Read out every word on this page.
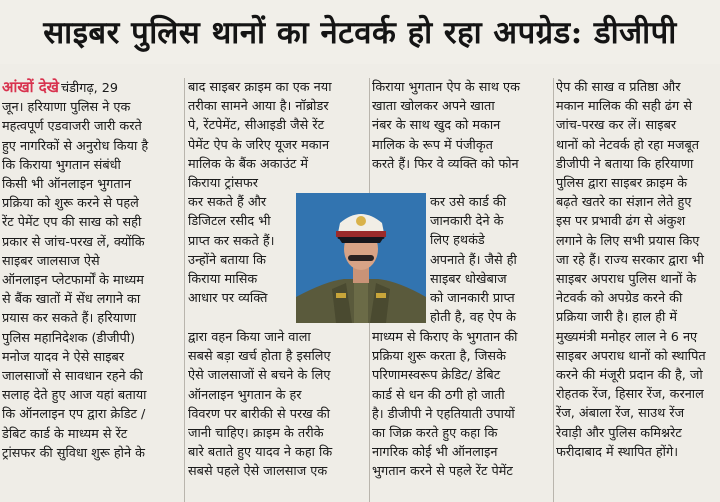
साइबर पुलिस थानों का नेटवर्क हो रहा अपग्रेड: डीजीपी

आंखों देखे चंडीगढ़, 29

जून। हरियाणा पुलिस ने एक

महत्वपूर्ण एडवाजरी जारी करते

हुए नागरिकों से अनुरोध किया है

कि किराया भुगतान संबंधी

किसी भी ऑनलाइन भुगतान

प्रक्रिया को शुरू करने से पहले

रेंट पेमेंट एप की साख को सही

प्रकार से जांच-परख लें, क्योंकि

साइबर जालसाज ऐसे

ऑनलाइन प्लेटफार्मों के माध्यम

से बैंक खातों में सेंध लगाने का

प्रयास कर सकते हैं। हरियाणा

पुलिस महानिदेशक (डीजीपी)

मनोज यादव ने ऐसे साइबर

जालसाजों से सावधान रहने की

सलाह देते हुए आज यहां बताया

कि ऑनलाइन एप द्वारा क्रेडिट /

डेबिट कार्ड के माध्यम से रेंट

ट्रांसफर की सुविधा शुरू होने के

बाद साइबर क्राइम का एक नया

तरीका सामने आया है। नॉब्रोडर

पे, रेंटपेमेंट, सीआइडी जैसे रेंट

पेमेंट ऐप के जरिए यूजर मकान

मालिक के बैंक अकाउंट में

किराया ट्रांसफर

कर सकते हैं और

डिजिटल रसीद भी

प्राप्त कर सकते हैं।

उन्होंने बताया कि

किराया मासिक

आधार पर व्यक्ति

द्वारा वहन किया जाने वाला

सबसे बड़ा खर्च होता है इसलिए

ऐसे जालसाजों से बचने के लिए

ऑनलाइन भुगतान के हर

विवरण पर बारीकी से परख की

जानी चाहिए। क्राइम के तरीके

बारे बताते हुए यादव ने कहा कि

सबसे पहले ऐसे जालसाज एक

किराया भुगतान ऐप के साथ एक

खाता खोलकर अपने खाता

नंबर के साथ खुद को मकान

मालिक के रूप में पंजीकृत

करते हैं। फिर वे व्यक्ति को फोन

कर उसे कार्ड की

जानकारी देने के

लिए हथकंडे

अपनाते हैं। जैसे ही

साइबर धोखेबाज

को जानकारी प्राप्त

होती है, वह ऐप के

माध्यम से किराए के भुगतान की

प्रक्रिया शुरू करता है, जिसके

परिणामस्वरूप क्रेडिट/ डेबिट

कार्ड से धन की ठगी हो जाती

है। डीजीपी ने एहतियाती उपायों

का जिक्र करते हुए कहा कि

नागरिक कोई भी ऑनलाइन

भुगतान करने से पहले रेंट पेमेंट

ऐप की साख व प्रतिष्ठा और

मकान मालिक की सही ढंग से

जांच-परख कर लें। साइबर

थानों को नेटवर्क हो रहा मजबूत

डीजीपी ने बताया कि हरियाणा

पुलिस द्वारा साइबर क्राइम के

बढ़ते खतरे का संज्ञान लेते हुए

इस पर प्रभावी ढंग से अंकुश

लगाने के लिए सभी प्रयास किए

जा रहे हैं। राज्य सरकार द्वारा भी

साइबर अपराध पुलिस थानों के

नेटवर्क को अपग्रेड करने की

प्रक्रिया जारी है। हाल ही में

मुख्यमंत्री मनोहर लाल ने 6 नए

साइबर अपराध थानों को स्थापित

करने की मंजूरी प्रदान की है, जो

रोहतक रेंज, हिसार रेंज, करनाल

रेंज, अंबाला रेंज, साउथ रेंज

रेवाड़ी और पुलिस कमिश्नरेट

फरीदाबाद में स्थापित होंगे।
